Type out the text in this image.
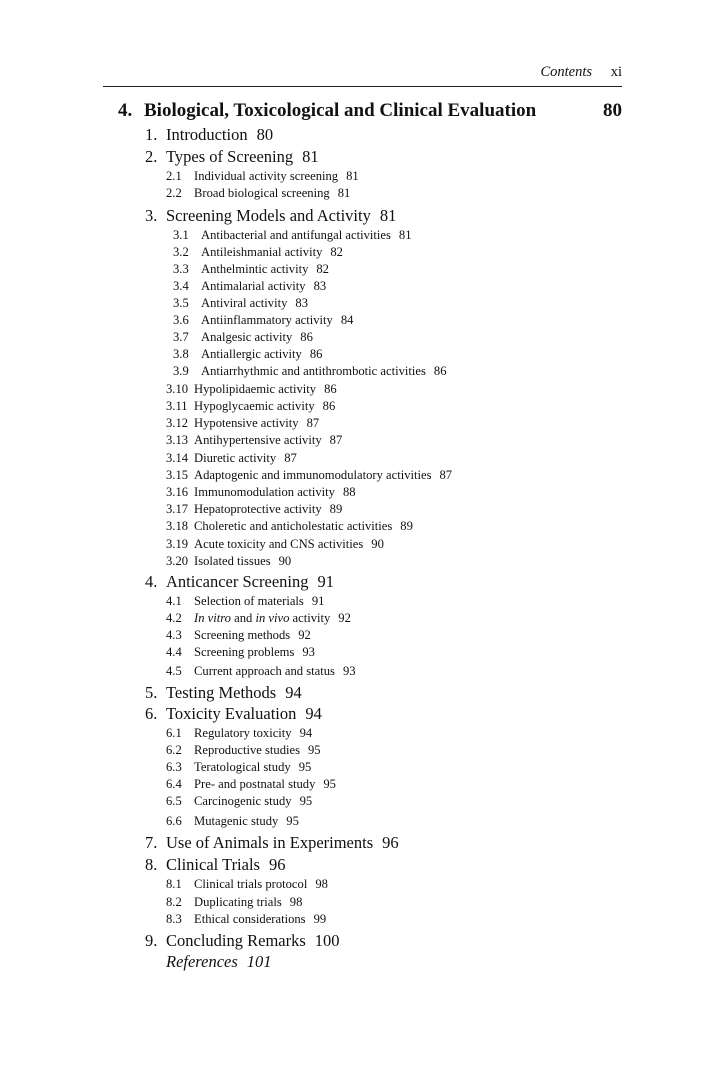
Contents xi
4. Biological, Toxicological and Clinical Evaluation	80
1. Introduction 80
2. Types of Screening 81
2.1 Individual activity screening 81
2.2 Broad biological screening 81
3. Screening Models and Activity 81
3.1 Antibacterial and antifungal activities 81
3.2 Antileishmanial activity 82
3.3 Anthelmintic activity 82
3.4 Antimalarial activity 83
3.5 Antiviral activity 83
3.6 Antiinflammatory activity 84
3.7 Analgesic activity 86
3.8 Antiallergic activity 86
3.9 Antiarrhythmic and antithrombotic activities 86
3.10 Hypolipidaemic activity 86
3.11 Hypoglycaemic activity 86
3.12 Hypotensive activity 87
3.13 Antihypertensive activity 87
3.14 Diuretic activity 87
3.15 Adaptogenic and immunomodulatory activities 87
3.16 Immunomodulation activity 88
3.17 Hepatoprotective activity 89
3.18 Choleretic and anticholestatic activities 89
3.19 Acute toxicity and CNS activities 90
3.20 Isolated tissues 90
4. Anticancer Screening 91
4.1 Selection of materials 91
4.2 In vitro and in vivo activity 92
4.3 Screening methods 92
4.4 Screening problems 93
4.5 Current approach and status 93
5. Testing Methods 94
6. Toxicity Evaluation 94
6.1 Regulatory toxicity 94
6.2 Reproductive studies 95
6.3 Teratological study 95
6.4 Pre- and postnatal study 95
6.5 Carcinogenic study 95
6.6 Mutagenic study 95
7. Use of Animals in Experiments 96
8. Clinical Trials 96
8.1 Clinical trials protocol 98
8.2 Duplicating trials 98
8.3 Ethical considerations 99
9. Concluding Remarks 100
References 101
